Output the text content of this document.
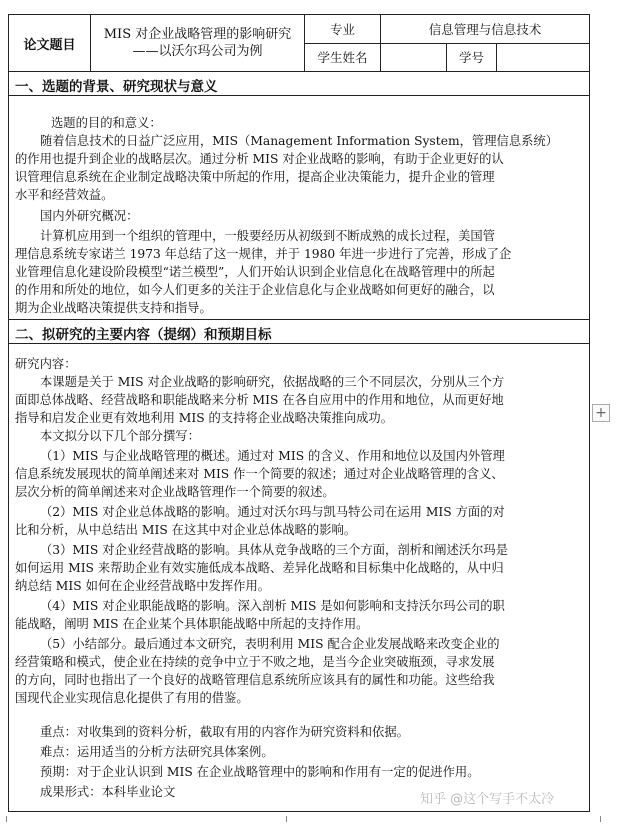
论文题目
MIS 对企业战略管理的影响研究
——以沃尔玛公司为例
专业	信息管理与信息技术
学生姓名	学号
一、选题的背景、研究现状与意义
选题的目的和意义：
随着信息技术的日益广泛应用，MIS（Management Information System，管理信息系统）
的作用也提升到企业的战略层次。通过分析 MIS 对企业战略的影响，有助于企业更好的认
识管理信息系统在企业制定战略决策中所起的作用，提高企业决策能力，提升企业的管理
水平和经营效益。
国内外研究概况：
计算机应用到一个组织的管理中，一般要经历从初级到不断成熟的成长过程，美国管
理信息系统专家诺兰 1973 年总结了这一规律，并于 1980 年进一步进行了完善，形成了企
业管理信息化建设阶段模型“诺兰模型”，人们开始认识到企业信息化在战略管理中的所起
的作用和所处的地位，如今人们更多的关注于企业信息化与企业战略如何更好的融合，以
期为企业战略决策提供支持和指导。
二、拟研究的主要内容（提纲）和预期目标
研究内容：
本课题是关于 MIS 对企业战略的影响研究，依据战略的三个不同层次，分别从三个方
面即总体战略、经营战略和职能战略来分析 MIS 在各自应用中的作用和地位，从而更好地
指导和启发企业更有效地利用 MIS 的支持将企业战略决策推向成功。
本文拟分以下几个部分撰写：
（1）MIS 与企业战略管理的概述。通过对 MIS 的含义、作用和地位以及国内外管理
信息系统发展现状的简单阐述来对 MIS 作一个简要的叙述；通过对企业战略管理的含义、
层次分析的简单阐述来对企业战略管理作一个简要的叙述。
（2）MIS 对企业总体战略的影响。通过对沃尔玛与凯马特公司在运用 MIS 方面的对
比和分析，从中总结出 MIS 在这其中对企业总体战略的影响。
（3）MIS 对企业经营战略的影响。具体从竞争战略的三个方面，剖析和阐述沃尔玛是
如何运用 MIS 来帮助企业有效实施低成本战略、差异化战略和目标集中化战略的，从中归
纳总结 MIS 如何在企业经营战略中发挥作用。
（4）MIS 对企业职能战略的影响。深入剖析 MIS 是如何影响和支持沃尔玛公司的职
能战略，阐明 MIS 在企业某个具体职能战略中所起的支持作用。
（5）小结部分。最后通过本文研究，表明利用 MIS 配合企业发展战略来改变企业的
经营策略和模式，使企业在持续的竞争中立于不败之地，是当今企业突破瓶颈，寻求发展
的方向，同时也指出了一个良好的战略管理信息系统所应该具有的属性和功能。这些给我
国现代企业实现信息化提供了有用的借鉴。
重点：对收集到的资料分析，截取有用的内容作为研究资料和依据。
难点：运用适当的分析方法研究具体案例。
预期：对于企业认识到 MIS 在企业战略管理中的影响和作用有一定的促进作用。
成果形式：本科毕业论文
+
知乎 @这个写手不太冷
